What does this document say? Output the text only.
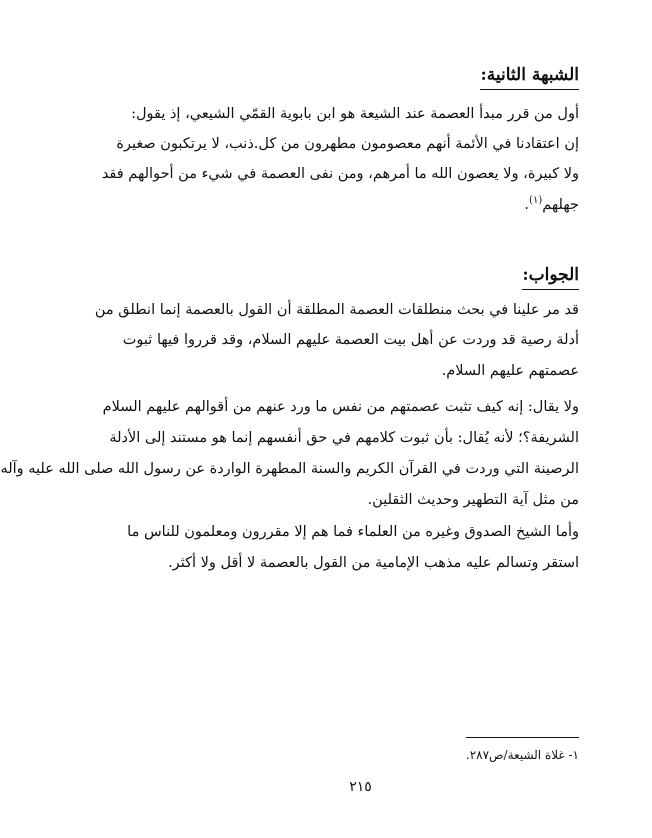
الشبهة الثانية:
أول من قرر مبدأ العصمة عند الشيعة هو ابن بابوية القمّي الشيعي، إذ يقول:
إن اعتقادنا في الأئمة أنهم معصومون مطهرون من كل.ذنب، لا يرتكبون صغيرة
ولا كبيرة، ولا يعصون الله ما أمرهم، ومن نفى العصمة في شيء من أحوالهم فقد
جهلهم$^{(١)}$.
الجواب:
قد مر علينا في بحث منطلقات العصمة المطلقة أن القول بالعصمة إنما انطلق من
أدلة رصية قد وردت عن أهل بيت العصمة عليهم السلام، وقد قرروا فيها ثبوت
عصمتهم عليهم السلام.
ولا يقال: إنه كيف تثبت عصمتهم من نفس ما ورد عنهم من أقوالهم عليهم السلام
الشريفة؟؛ لأنه يُقال: بأن ثبوت كلامهم في حق أنفسهم إنما هو مستند إلى الأدلة
الرصينة التي وردت في القرآن الكريم والسنة المطهرة الواردة عن رسول الله صلى الله عليه وآله
من مثل آية التطهير وحديث الثقلين.
وأما الشيخ الصدوق وغيره من العلماء فما هم إلا مقررون ومعلمون للناس ما
استقر وتسالم عليه مذهب الإمامية من القول بالعصمة لا أقل ولا أكثر.
١- غلاة الشيعة/ص٢٨٧.
٢١٥
